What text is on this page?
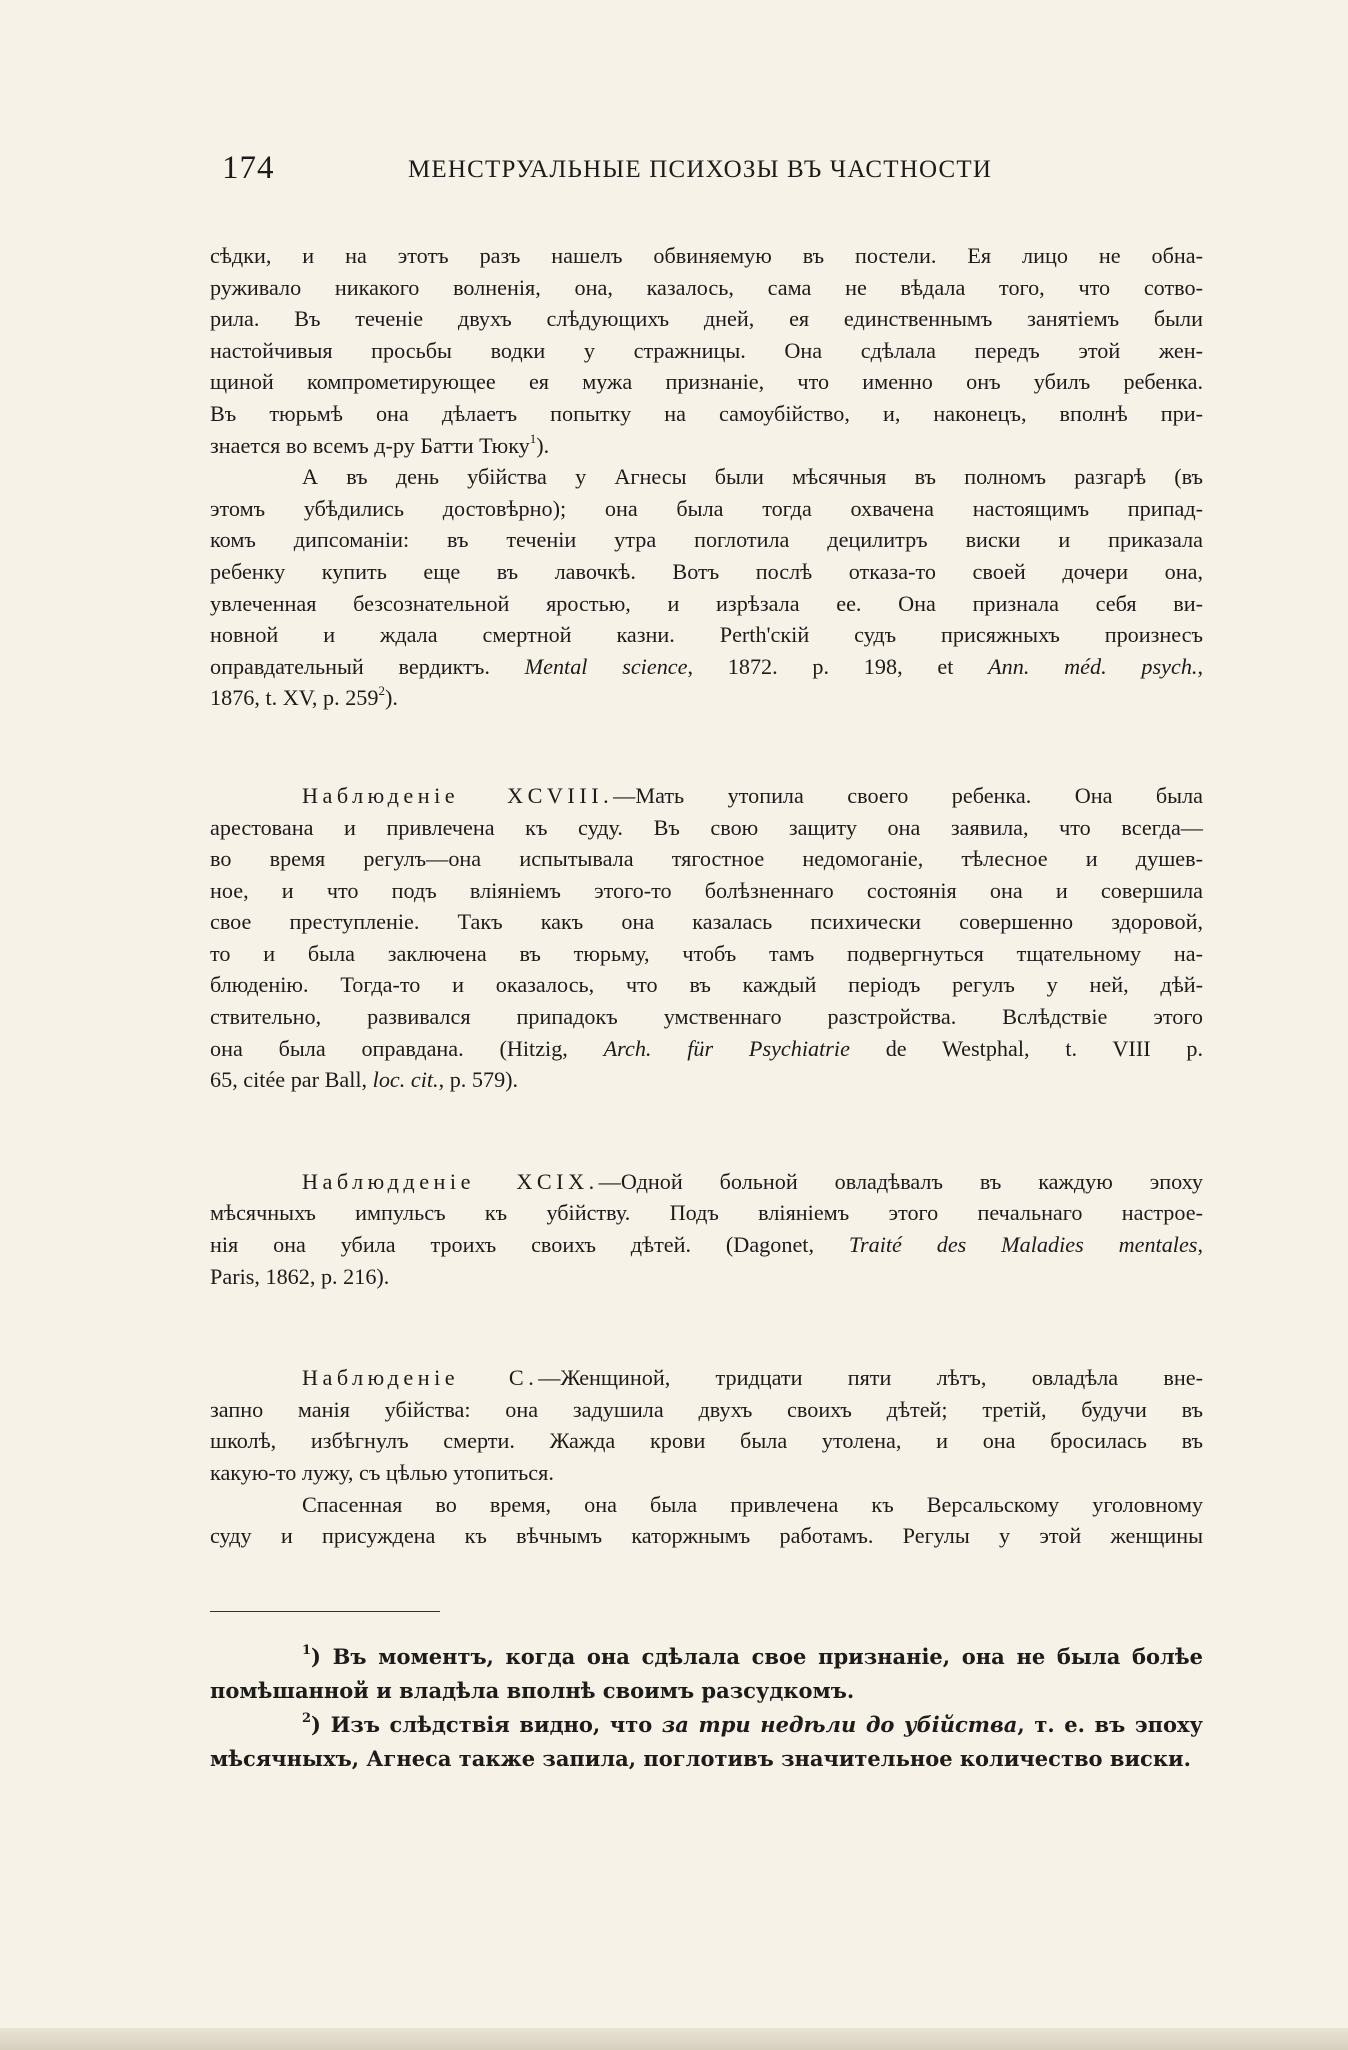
174	МЕНСТРУАЛЬНЫЕ ПСИХОЗЫ ВЪ ЧАСТНОСТИ

сѣдки, и на этотъ разъ нашелъ обвиняемую въ постели. Ея лицо не обна-

руживало никакого волненія, она, казалось, сама не вѣдала того, что сотво-

рила. Въ теченіе двухъ слѣдующихъ дней, ея единственнымъ занятіемъ были

настойчивыя просьбы водки у стражницы. Она сдѣлала передъ этой жен-

щиной компрометирующее ея мужа признаніе, что именно онъ убилъ ребенка.

Въ тюрьмѣ она дѣлаетъ попытку на самоубійство, и, наконецъ, вполнѣ при-

знается во всемъ д-ру Батти Тюку$^1$).

А въ день убійства у Агнесы были мѣсячныя въ полномъ разгарѣ (въ

этомъ убѣдились достовѣрно); она была тогда охвачена настоящимъ припад-

комъ дипсоманіи: въ теченіи утра поглотила децилитръ виски и приказала

ребенку купить еще въ лавочкѣ. Вотъ послѣ отказа-то своей дочери она,

увлеченная безсознательной яростью, и изрѣзала ее. Она признала себя ви-

новной и ждала смертной казни. Perth'скій судъ присяжныхъ произнесъ

оправдательный вердиктъ. Mental science, 1872. p. 198, et Ann. méd. psych.,

1876, t. XV, p. $259^2$).

Наблюденіе XCVIII.—Мать утопила своего ребенка. Она была

арестована и привлечена къ суду. Въ свою защиту она заявила, что всегда—

во время регулъ—она испытывала тягостное недомоганіе, тѣлесное и душев-

ное, и что подъ вліяніемъ этого-то болѣзненнаго состоянія она и совершила

свое преступленіе. Такъ какъ она казалась психически совершенно здоровой,

то и была заключена въ тюрьму, чтобъ тамъ подвергнуться тщательному на-

блюденію. Тогда-то и оказалось, что въ каждый періодъ регулъ у ней, дѣй-

ствительно, развивался припадокъ умственнаго разстройства. Вслѣдствіе этого

она была оправдана. (Hitzig, Arch. für Psychiatrie de Westphal, t. VIII p.

65, citée par Ball, loc. cit., p. 579).

Наблюдденіе XCIX.—Одной больной овладѣвалъ въ каждую эпоху

мѣсячныхъ импульсъ къ убійству. Подъ вліяніемъ этого печальнаго настрое-

нія она убила троихъ своихъ дѣтей. (Dagonet, Traité des Maladies mentales,

Paris, 1862, p. 216).

Наблюденіе С.—Женщиной, тридцати пяти лѣтъ, овладѣла вне-

запно манія убійства: она задушила двухъ своихъ дѣтей; третій, будучи въ

школѣ, избѣгнулъ смерти. Жажда крови была утолена, и она бросилась въ

какую-то лужу, съ цѣлью утопиться.

Спасенная во время, она была привлечена къ Версальскому уголовному

суду и присуждена къ вѣчнымъ каторжнымъ работамъ. Регулы у этой женщины

$^1$) Въ моментъ, когда она сдѣлала свое признаніе, она не была болѣе

помѣшанной и владѣла вполнѣ своимъ разсудкомъ.

$^2$) Изъ слѣдствія видно, что за три недѣли до убійства, т. е. въ эпоху

мѣсячныхъ, Агнеса также запила, поглотивъ значительное количество виски.
